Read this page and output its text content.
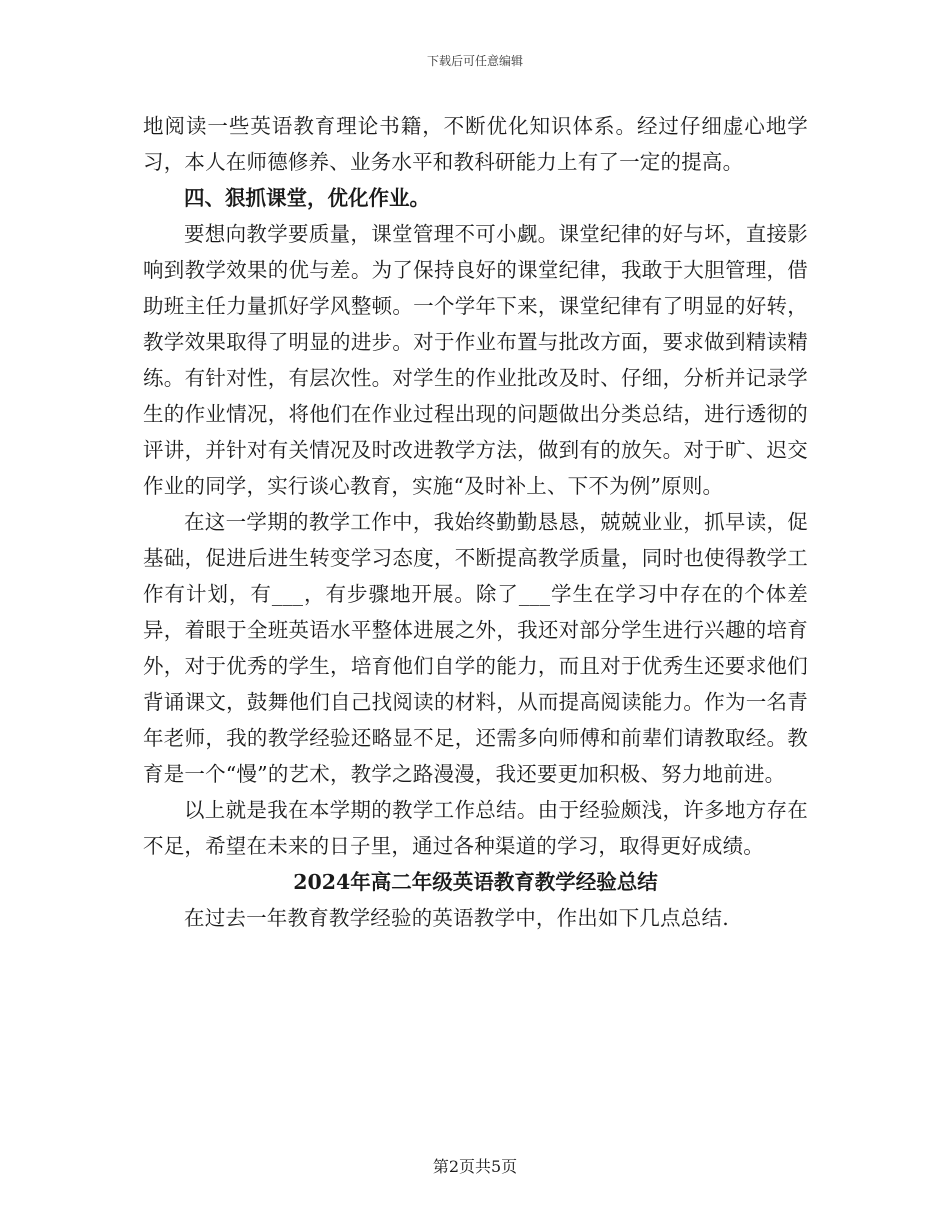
下载后可任意编辑

地阅读一些英语教育理论书籍，不断优化知识体系。经过仔细虚心地学习，本人在师德修养、业务水平和教科研能力上有了一定的提高。

四、狠抓课堂，优化作业。

要想向教学要质量，课堂管理不可小觑。课堂纪律的好与坏，直接影响到教学效果的优与差。为了保持良好的课堂纪律，我敢于大胆管理，借助班主任力量抓好学风整顿。一个学年下来，课堂纪律有了明显的好转，教学效果取得了明显的进步。对于作业布置与批改方面，要求做到精读精练。有针对性，有层次性。对学生的作业批改及时、仔细，分析并记录学生的作业情况，将他们在作业过程出现的问题做出分类总结，进行透彻的评讲，并针对有关情况及时改进教学方法，做到有的放矢。对于旷、迟交作业的同学，实行谈心教育，实施“及时补上、下不为例”原则。

在这一学期的教学工作中，我始终勤勤恳恳，兢兢业业，抓早读，促基础，促进后进生转变学习态度，不断提高教学质量，同时也使得教学工作有计划，有___，有步骤地开展。除了___学生在学习中存在的个体差异，着眼于全班英语水平整体进展之外，我还对部分学生进行兴趣的培育外，对于优秀的学生，培育他们自学的能力，而且对于优秀生还要求他们背诵课文，鼓舞他们自己找阅读的材料，从而提高阅读能力。作为一名青年老师，我的教学经验还略显不足，还需多向师傅和前辈们请教取经。教育是一个“慢”的艺术，教学之路漫漫，我还要更加积极、努力地前进。

以上就是我在本学期的教学工作总结。由于经验颇浅，许多地方存在不足，希望在未来的日子里，通过各种渠道的学习，取得更好成绩。

2024年高二年级英语教育教学经验总结

在过去一年教育教学经验的英语教学中，作出如下几点总结.

第2页共5页
